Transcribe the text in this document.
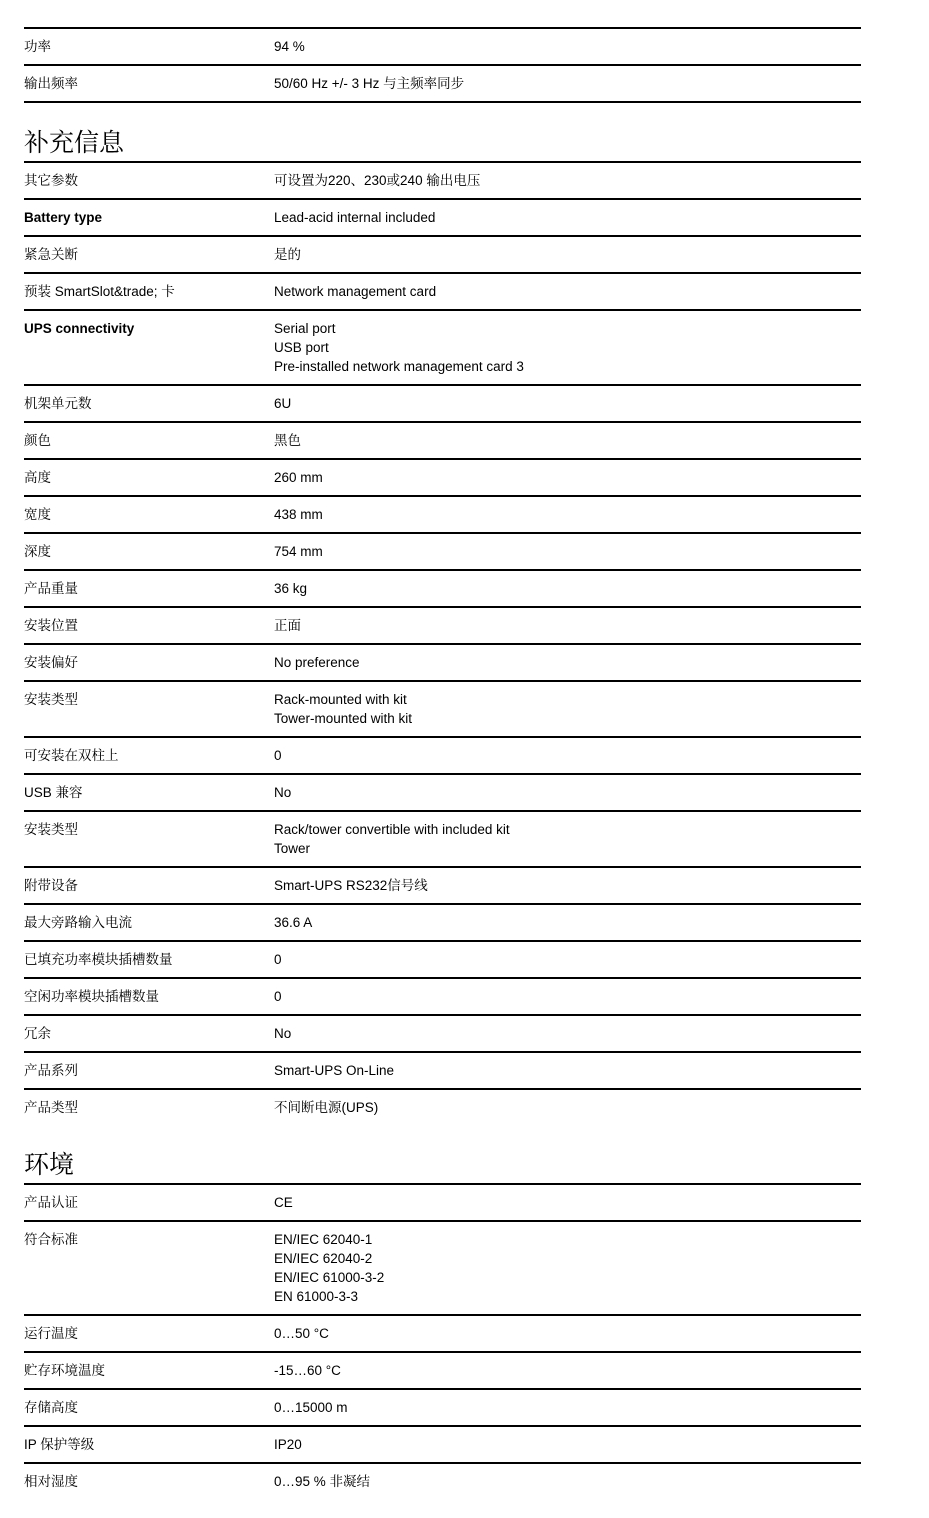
功率	94 %
输出频率	50/60 Hz +/- 3 Hz 与主频率同步
补充信息
其它参数	可设置为220、230或240 输出电压
Battery type	Lead-acid internal included
紧急关断	是的
预装 SmartSlot&trade; 卡	Network management card
UPS connectivity	Serial port
USB port
Pre-installed network management card 3
机架单元数	6U
颜色	黑色
高度	260 mm
宽度	438 mm
深度	754 mm
产品重量	36 kg
安装位置	正面
安装偏好	No preference
安装类型	Rack-mounted with kit
Tower-mounted with kit
可安装在双柱上	0
USB 兼容	No
安装类型	Rack/tower convertible with included kit
Tower
附带设备	Smart-UPS RS232信号线
最大旁路输入电流	36.6 A
已填充功率模块插槽数量	0
空闲功率模块插槽数量	0
冗余	No
产品系列	Smart-UPS On-Line
产品类型	不间断电源(UPS)
环境
产品认证	CE
符合标准	EN/IEC 62040-1
EN/IEC 62040-2
EN/IEC 61000-3-2
EN 61000-3-3
运行温度	0…50 °C
贮存环境温度	-15…60 °C
存储高度	0…15000 m
IP 保护等级	IP20
相对湿度	0…95 % 非凝结
